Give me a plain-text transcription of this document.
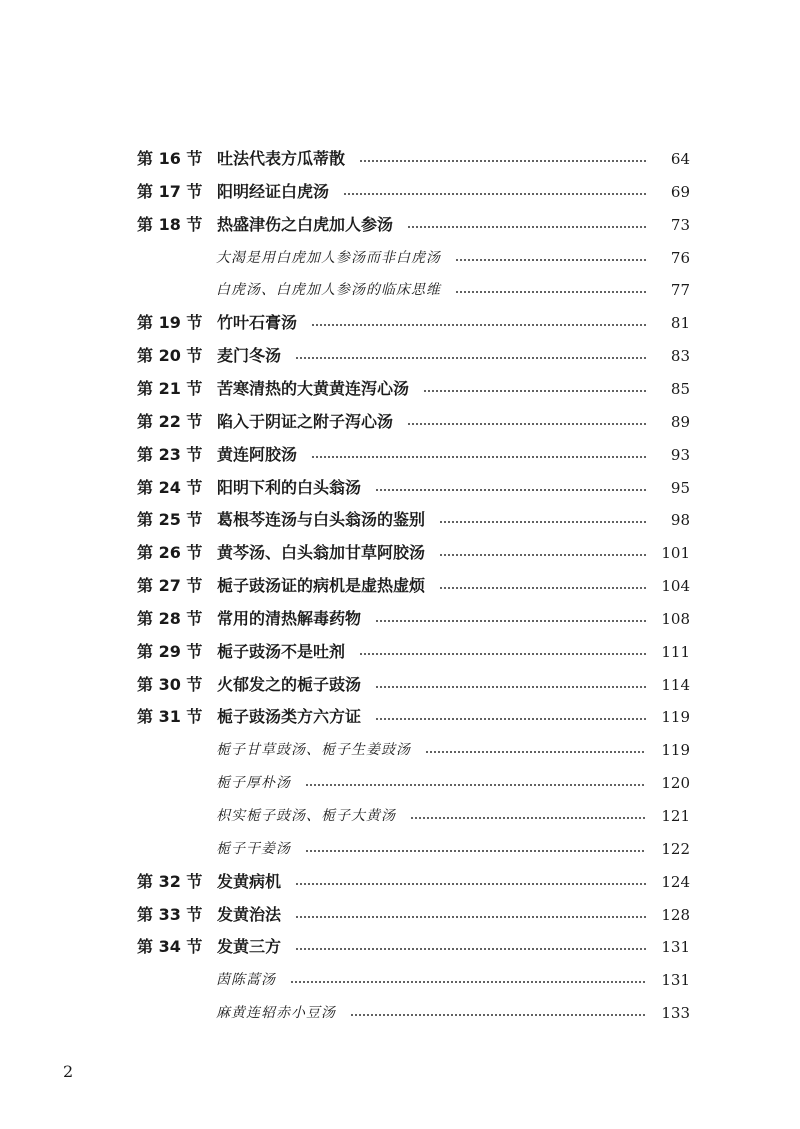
第 16 节 吐法代表方瓜蒂散	64
第 17 节 阳明经证白虎汤	69
第 18 节 热盛津伤之白虎加人参汤	73
大渴是用白虎加人参汤而非白虎汤	76
白虎汤、白虎加人参汤的临床思维	77
第 19 节 竹叶石膏汤	81
第 20 节 麦门冬汤	83
第 21 节 苦寒清热的大黄黄连泻心汤	85
第 22 节 陷入于阴证之附子泻心汤	89
第 23 节 黄连阿胶汤	93
第 24 节 阳明下利的白头翁汤	95
第 25 节 葛根芩连汤与白头翁汤的鉴别	98
第 26 节 黄芩汤、白头翁加甘草阿胶汤	101
第 27 节 栀子豉汤证的病机是虚热虚烦	104
第 28 节 常用的清热解毒药物	108
第 29 节 栀子豉汤不是吐剂	111
第 30 节 火郁发之的栀子豉汤	114
第 31 节 栀子豉汤类方六方证	119
栀子甘草豉汤、栀子生姜豉汤	119
栀子厚朴汤	120
枳实栀子豉汤、栀子大黄汤	121
栀子干姜汤	122
第 32 节 发黄病机	124
第 33 节 发黄治法	128
第 34 节 发黄三方	131
茵陈蒿汤	131
麻黄连轺赤小豆汤	133
2
